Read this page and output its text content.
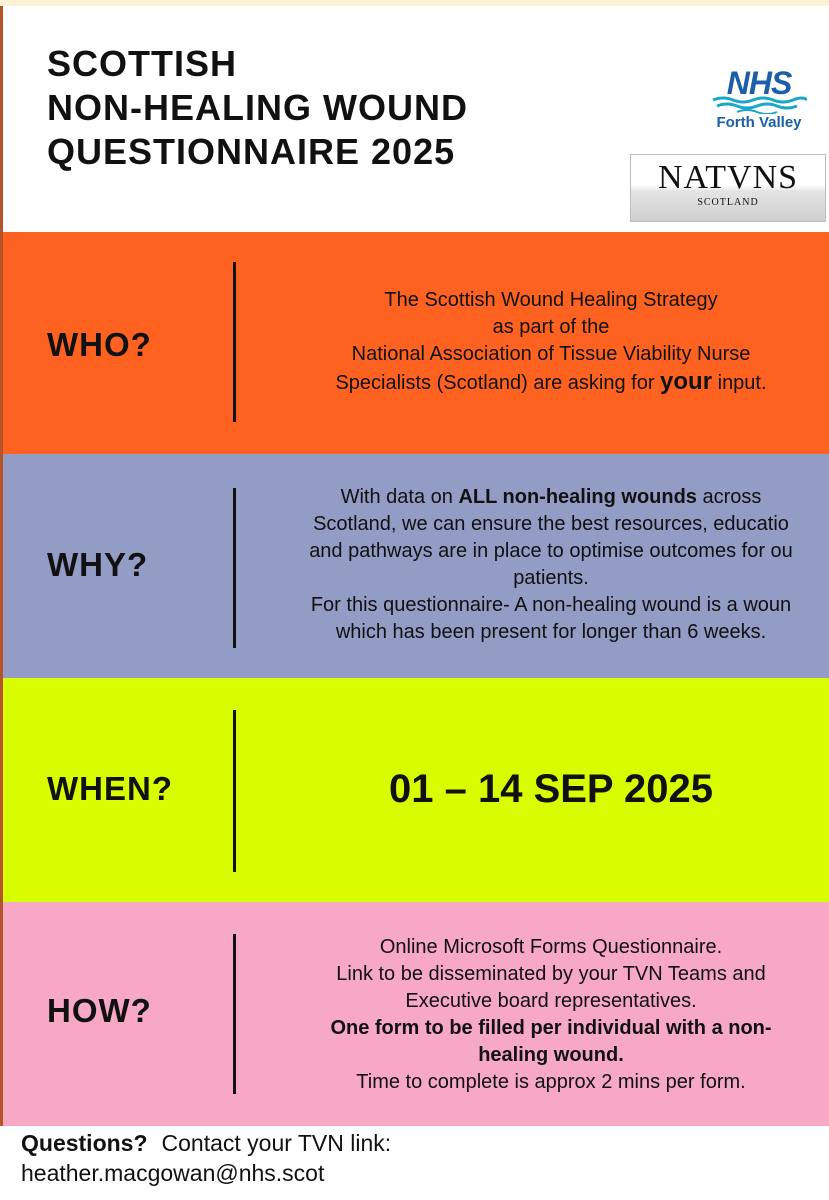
SCOTTISH
NON-HEALING WOUND
QUESTIONNAIRE 2025
NHS
Forth Valley
NATVNS
SCOTLAND
WHO?
The Scottish Wound Healing Strategy
as part of the
National Association of Tissue Viability Nurse
Specialists (Scotland) are asking for your input.
WHY?
With data on ALL non-healing wounds across
Scotland, we can ensure the best resources, educatio
and pathways are in place to optimise outcomes for ou
patients.
For this questionnaire- A non-healing wound is a woun
which has been present for longer than 6 weeks.
WHEN?	01 – 14 SEP 2025
HOW?
Online Microsoft Forms Questionnaire.
Link to be disseminated by your TVN Teams and
Executive board representatives.
One form to be filled per individual with a non-
healing wound.
Time to complete is approx 2 mins per form.
Questions? Contact your TVN link:
heather.macgowan@nhs.scot
